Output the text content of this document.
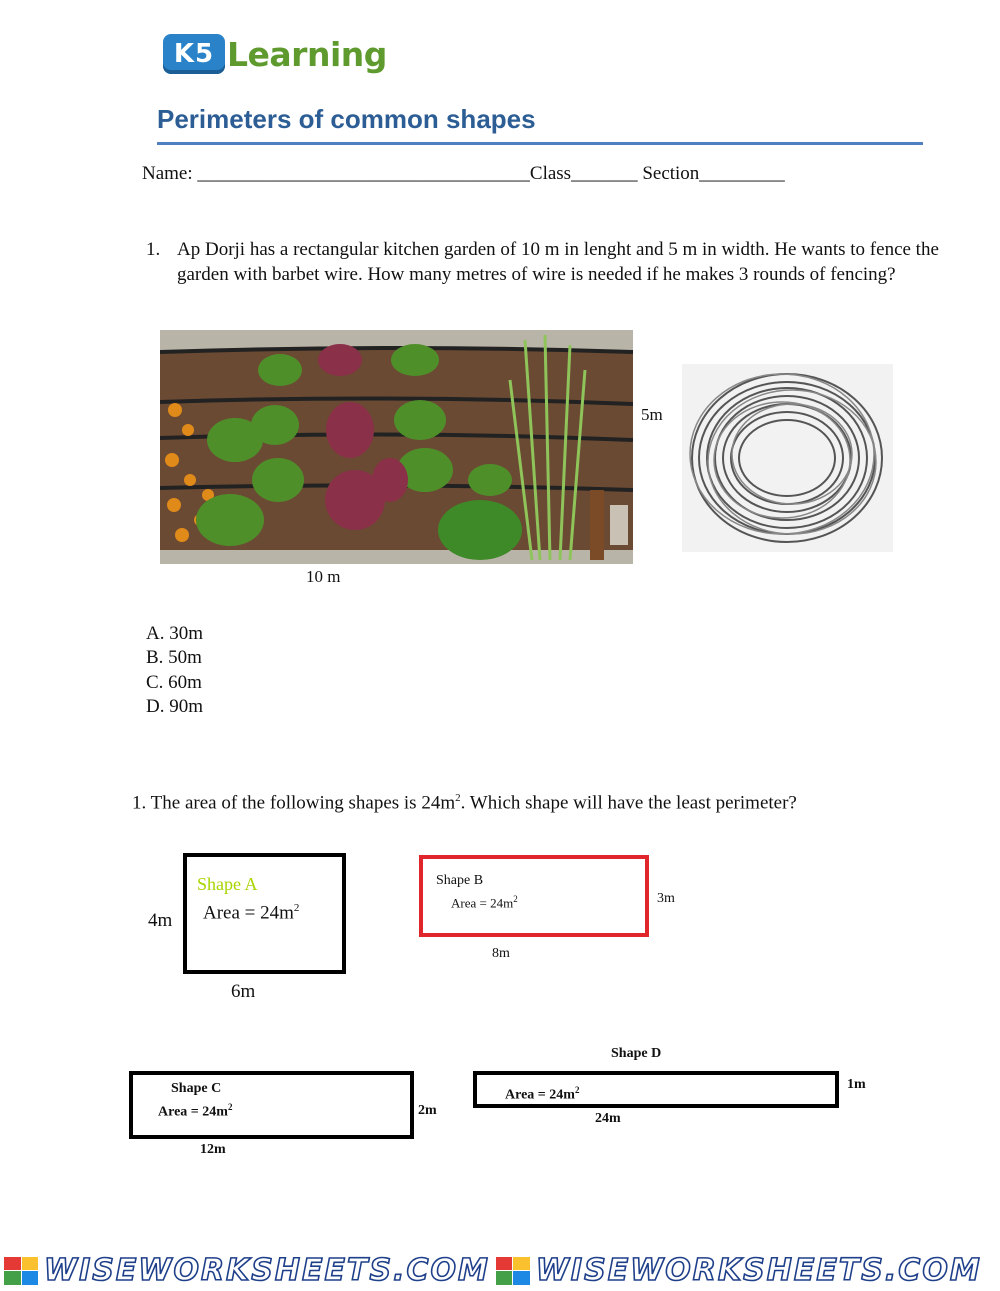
K5 Learning
Perimeters of common shapes
Name: ___________________________________Class_______ Section_________
1. Ap Dorji has a rectangular kitchen garden of 10 m in lenght and 5 m in width. He wants to fence the garden with barbet wire. How many metres of wire is needed if he makes 3 rounds of fencing?
5m
10 m
A. 30m
B. 50m
C. 60m
D. 90m
1. The area of the following shapes is $24m^2$. Which shape will have the least perimeter?
Shape A
Area = $24m^2$
4m
6m
Shape B
Area = $24m^2$	3m
8m
Shape C
Area = $24m^2$	2m
12m
Shape D
Area = $24m^2$	1m
24m
WISEWORKSHEETS.COM WISEWORKSHEETS.COM
